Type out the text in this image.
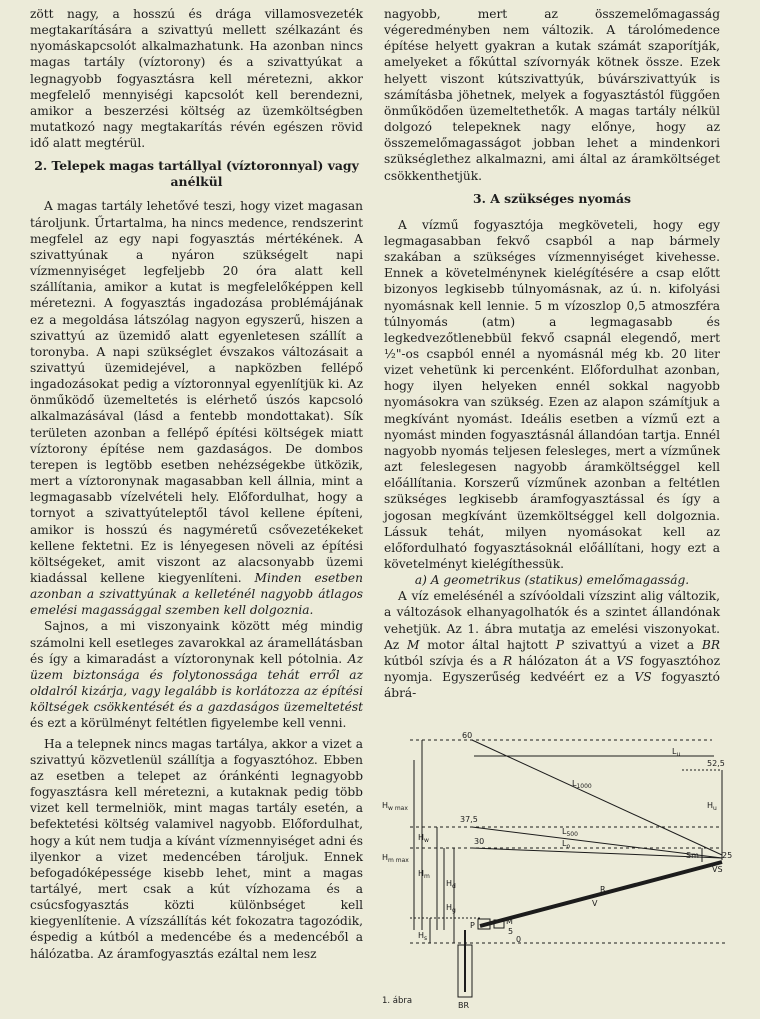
zött nagy, a hosszú és drága villamosvezeték megtakarítására a szivattyú mellett szélkazánt és nyomáskapcsolót alkalmazhatunk. Ha azonban nincs magas tartály (víztorony) és a szivattyúkat a legnagyobb fogyasztásra kell méretezni, akkor megfelelő mennyiségi kapcsolót kell berendezni, amikor a beszerzési költség az üzemköltségben mutatkozó nagy megtakarítás révén egészen rövid idő alatt megtérül.

2. Telepek magas tartállyal (víztoronnyal) vagy anélkül

A magas tartály lehetővé teszi, hogy vizet magasan tároljunk. Űrtartalma, ha nincs medence, rendszerint megfelel az egy napi fogyasztás mértékének. A szivattyúnak a nyáron szükségelt napi vízmennyiséget legfeljebb 20 óra alatt kell szállítania, amikor a kutat is megfelelőképpen kell méretezni. A fogyasztás ingadozása problémájának ez a megoldása látszólag nagyon egyszerű, hiszen a szivattyú az üzemidő alatt egyenletesen szállít a toronyba. A napi szükséglet évszakos változásait a szivattyú üzemidejével, a napközben fellépő ingadozásokat pedig a víztoronnyal egyenlítjük ki. Az önműködő üzemeltetés is elérhető úszós kapcsoló alkalmazásával (lásd a fentebb mondottakat). Sík területen azonban a fellépő építési költségek miatt víztorony építése nem gazdaságos. De dombos terepen is legtöbb esetben nehézségekbe ütközik, mert a víztoronynak magasabban kell állnia, mint a legmagasabb vízelvételi hely. Előfordulhat, hogy a tornyot a szivattyúteleptől távol kellene építeni, amikor is hosszú és nagyméretű csővezetékeket kellene fektetni. Ez is lényegesen növeli az építési költségeket, amit viszont az alacsonyabb üzemi kiadással kellene kiegyenlíteni. Minden esetben azonban a szivattyúnak a kelleténél nagyobb átlagos emelési magassággal szemben kell dolgoznia.

Sajnos, a mi viszonyaink között még mindig számolni kell esetleges zavarokkal az áramellátásban és így a kimaradást a víztoronynak kell pótolnia. Az üzem biztonsága és folytonossága tehát erről az oldalról kizárja, vagy legalább is korlátozza az építési költségek csökkentését és a gazdaságos üzemeltetést és ezt a körülményt feltétlen figyelembe kell venni.

Ha a telepnek nincs magas tartálya, akkor a vizet a szivattyú közvetlenül szállítja a fogyasztóhoz. Ebben az esetben a telepet az óránkénti legnagyobb fogyasztásra kell méretezni, a kutaknak pedig több vizet kell termelniök, mint magas tartály esetén, a befektetési költség valamivel nagyobb. Előfordulhat, hogy a kút nem tudja a kívánt vízmennyiséget adni és ilyenkor a vizet medencében tároljuk. Ennek befogadóképessége kisebb lehet, mint a magas tartályé, mert csak a kút vízhozama és a csúcsfogyasztás közti különbséget kell kiegyenlítenie. A vízszállítás két fokozatra tagozódik, éspedig a kútból a medencébe és a medencéből a hálózatba. Az áramfogyasztás ezáltal nem lesz

nagyobb, mert az összemelőmagasság végeredményben nem változik. A tárolómedence építése helyett gyakran a kutak számát szaporítják, amelyeket a főkúttal szívornyák kötnek össze. Ezek helyett viszont kútszivattyúk, búvárszivattyúk is számításba jöhetnek, melyek a fogyasztástól függően önműködően üzemeltethetők. A magas tartály nélkül dolgozó telepeknek nagy előnye, hogy az összemelőmagasságot jobban lehet a mindenkori szükséglethez alkalmazni, ami által az áramköltséget csökkenthetjük.

3. A szükséges nyomás

A vízmű fogyasztója megköveteli, hogy egy legmagasabban fekvő csapból a nap bármely szakában a szükséges vízmennyiséget kivehesse. Ennek a követelménynek kielégítésére a csap előtt bizonyos legkisebb túlnyomásnak, az ú. n. kifolyási nyomásnak kell lennie. 5 m vízoszlop 0,5 atmoszféra túlnyomás (atm) a legmagasabb és legkedvezőtlenebbül fekvő csapnál elegendő, mert ½"-os csapból ennél a nyomásnál még kb. 20 liter vizet vehetünk ki percenként. Előfordulhat azonban, hogy ilyen helyeken ennél sokkal nagyobb nyomásokra van szükség. Ezen az alapon számítjuk a megkívánt nyomást. Ideális esetben a vízmű ezt a nyomást minden fogyasztásnál állandóan tartja. Ennél nagyobb nyomás teljesen felesleges, mert a vízműnek azt feleslegesen nagyobb áramköltséggel kell előállítania. Korszerű vízműnek azonban a feltétlen szükséges legkisebb áramfogyasztással és így a jogosan megkívánt üzemköltséggel kell dolgoznia. Lássuk tehát, milyen nyomásokat kell az előfordulható fogyasztásoknál előállítani, hogy ezt a követelményt kielégíthessük.

a) A geometrikus (statikus) emelőmagasság.

A víz emelésénél a szívóoldali vízszint alig változik, a változások elhanyagolhatók és a szintet állandónak vehetjük. Az 1. ábra mutatja az emelési viszonyokat. Az M motor által hajtott P szivattyú a vizet a BR kútból szívja és a R hálózaton át a VS fogyasztóhoz nyomja. Egyszerűség kedvéért ez a VS fogyasztó ábrá-

60
$L_u$
52,5
$L_{1000}$
$H_{w max}$	$H_u$
37,5
$L_{500}$
$H_w$	30	$L_o$
$H_{m max}$
Sm	25
VS
$H_m$
$H_d$	R
V
$H_g$
P	M
5
$H_s$	0
BR
1. ábra
